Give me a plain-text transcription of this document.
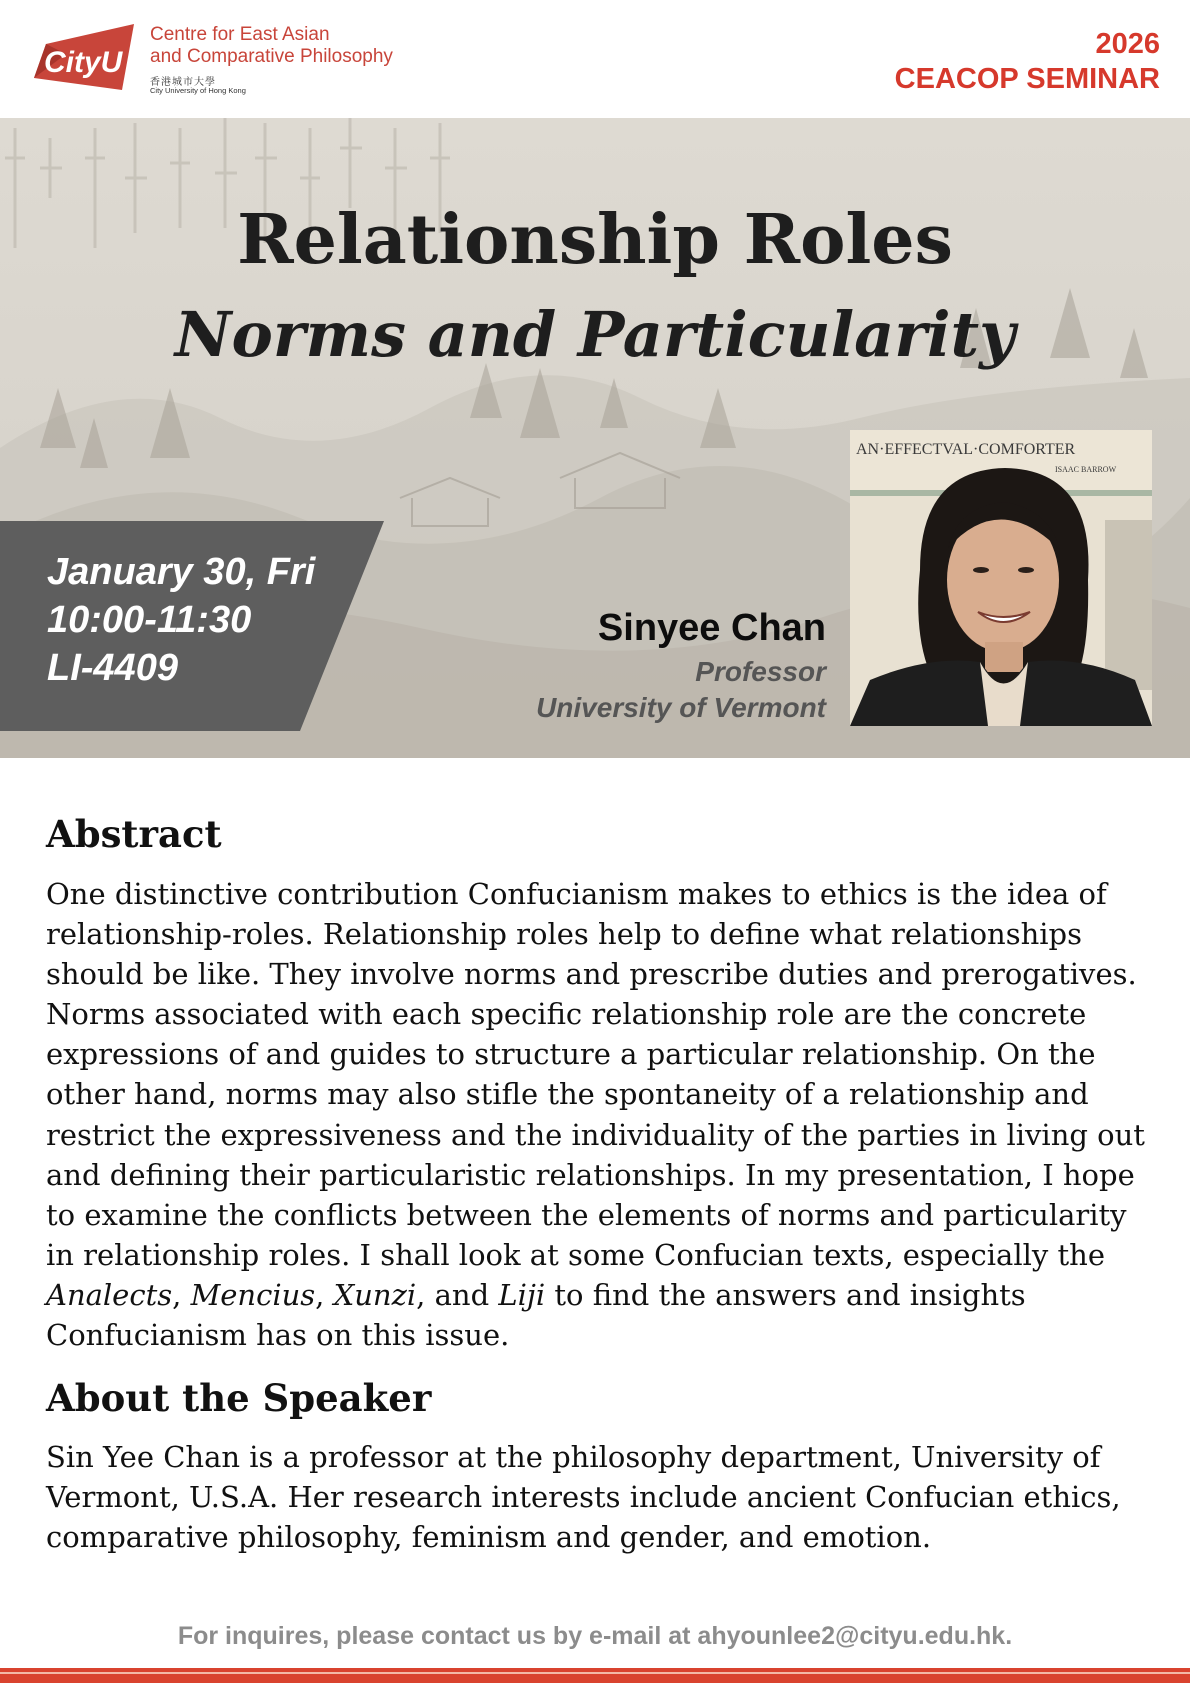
CityU
Centre for East Asian
and Comparative Philosophy
香港城市大學
City University of Hong Kong
2026
CEACOP SEMINAR
Relationship Roles
Norms and Particularity
January 30, Fri
10:00-11:30
LI-4409
Sinyee Chan
Professor
University of Vermont
AN·EFFECTVAL·COMFORTER
ISAAC BARROW
Abstract
One distinctive contribution Confucianism makes to ethics is the idea of relationship-roles. Relationship roles help to define what relationships should be like. They involve norms and prescribe duties and prerogatives. Norms associated with each specific relationship role are the concrete expressions of and guides to structure a particular relationship. On the other hand, norms may also stifle the spontaneity of a relationship and restrict the expressiveness and the individuality of the parties in living out and defining their particularistic relationships. In my presentation, I hope to examine the conflicts between the elements of norms and particularity in relationship roles. I shall look at some Confucian texts, especially the Analects, Mencius, Xunzi, and Liji to find the answers and insights Confucianism has on this issue.
About the Speaker
Sin Yee Chan is a professor at the philosophy department, University of Vermont, U.S.A. Her research interests include ancient Confucian ethics, comparative philosophy, feminism and gender, and emotion.
For inquires, please contact us by e-mail at ahyounlee2@cityu.edu.hk.
